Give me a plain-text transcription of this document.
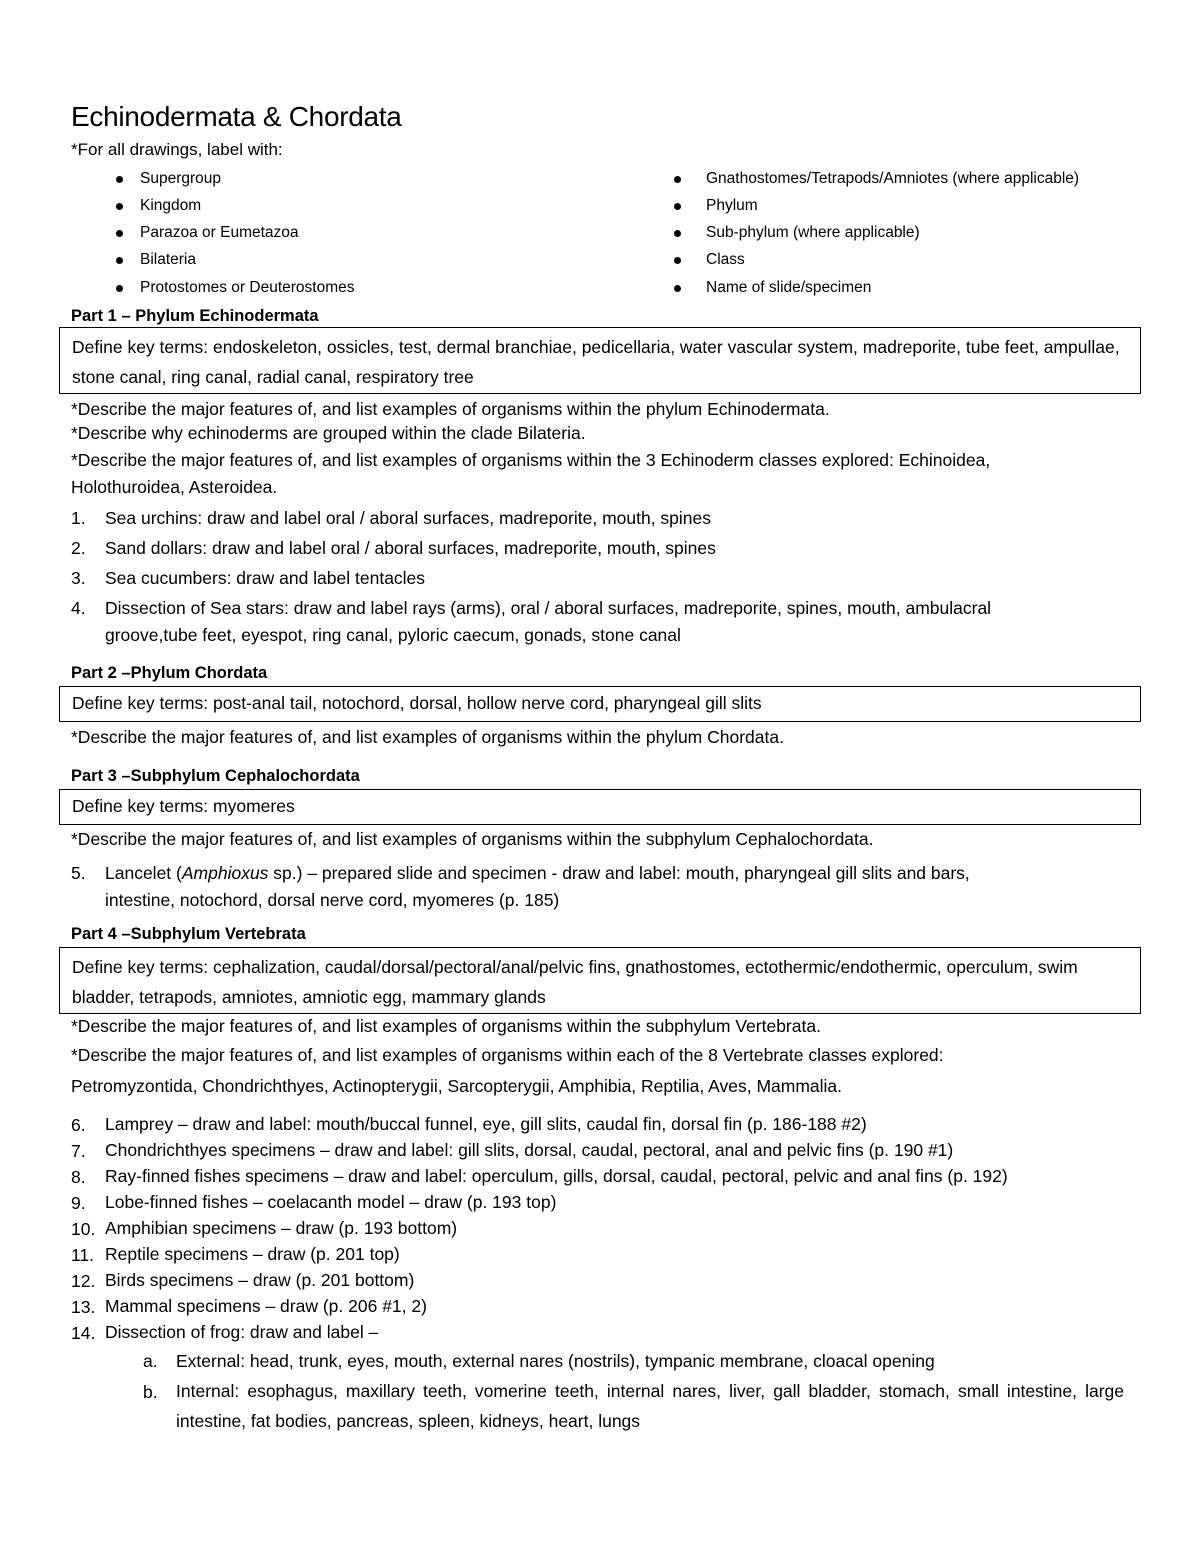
Echinodermata & Chordata
*For all drawings, label with:
Supergroup
Kingdom
Parazoa or Eumetazoa
Bilateria
Protostomes or Deuterostomes
Gnathostomes/Tetrapods/Amniotes (where applicable)
Phylum
Sub-phylum (where applicable)
Class
Name of slide/specimen
Part 1 – Phylum Echinodermata
Define key terms: endoskeleton, ossicles, test, dermal branchiae, pedicellaria, water vascular system, madreporite, tube feet, ampullae, stone canal, ring canal, radial canal, respiratory tree
*Describe the major features of, and list examples of organisms within the phylum Echinodermata.
*Describe why echinoderms are grouped within the clade Bilateria.
*Describe the major features of, and list examples of organisms within the 3 Echinoderm classes explored: Echinoidea,
Holothuroidea, Asteroidea.
1.	Sea urchins: draw and label oral / aboral surfaces, madreporite, mouth, spines
2.	Sand dollars: draw and label oral / aboral surfaces, madreporite, mouth, spines
3.	Sea cucumbers: draw and label tentacles
4.	Dissection of Sea stars: draw and label rays (arms), oral / aboral surfaces, madreporite, spines, mouth, ambulacral
groove,tube feet, eyespot, ring canal, pyloric caecum, gonads, stone canal
Part 2 –Phylum Chordata
Define key terms: post-anal tail, notochord, dorsal, hollow nerve cord, pharyngeal gill slits
*Describe the major features of, and list examples of organisms within the phylum Chordata.
Part 3 –Subphylum Cephalochordata
Define key terms: myomeres
*Describe the major features of, and list examples of organisms within the subphylum Cephalochordata.
5.	Lancelet (Amphioxus sp.) – prepared slide and specimen - draw and label: mouth, pharyngeal gill slits and bars,
intestine, notochord, dorsal nerve cord, myomeres (p. 185)
Part 4 –Subphylum Vertebrata
Define key terms: cephalization, caudal/dorsal/pectoral/anal/pelvic fins, gnathostomes, ectothermic/endothermic, operculum, swim bladder, tetrapods, amniotes, amniotic egg, mammary glands
*Describe the major features of, and list examples of organisms within the subphylum Vertebrata.
*Describe the major features of, and list examples of organisms within each of the 8 Vertebrate classes explored:
Petromyzontida, Chondrichthyes, Actinopterygii, Sarcopterygii, Amphibia, Reptilia, Aves, Mammalia.
6.	Lamprey – draw and label: mouth/buccal funnel, eye, gill slits, caudal fin, dorsal fin (p. 186-188 #2)
7.	Chondrichthyes specimens – draw and label: gill slits, dorsal, caudal, pectoral, anal and pelvic fins (p. 190 #1)
8.	Ray-finned fishes specimens – draw and label: operculum, gills, dorsal, caudal, pectoral, pelvic and anal fins (p. 192)
9.	Lobe-finned fishes – coelacanth model – draw (p. 193 top)
10. Amphibian specimens – draw (p. 193 bottom)
11. Reptile specimens – draw (p. 201 top)
12. Birds specimens – draw (p. 201 bottom)
13. Mammal specimens – draw (p. 206 #1, 2)
14. Dissection of frog: draw and label –
a. External: head, trunk, eyes, mouth, external nares (nostrils), tympanic membrane, cloacal opening
b. Internal: esophagus, maxillary teeth, vomerine teeth, internal nares, liver, gall bladder, stomach, small intestine, large intestine, fat bodies, pancreas, spleen, kidneys, heart, lungs
